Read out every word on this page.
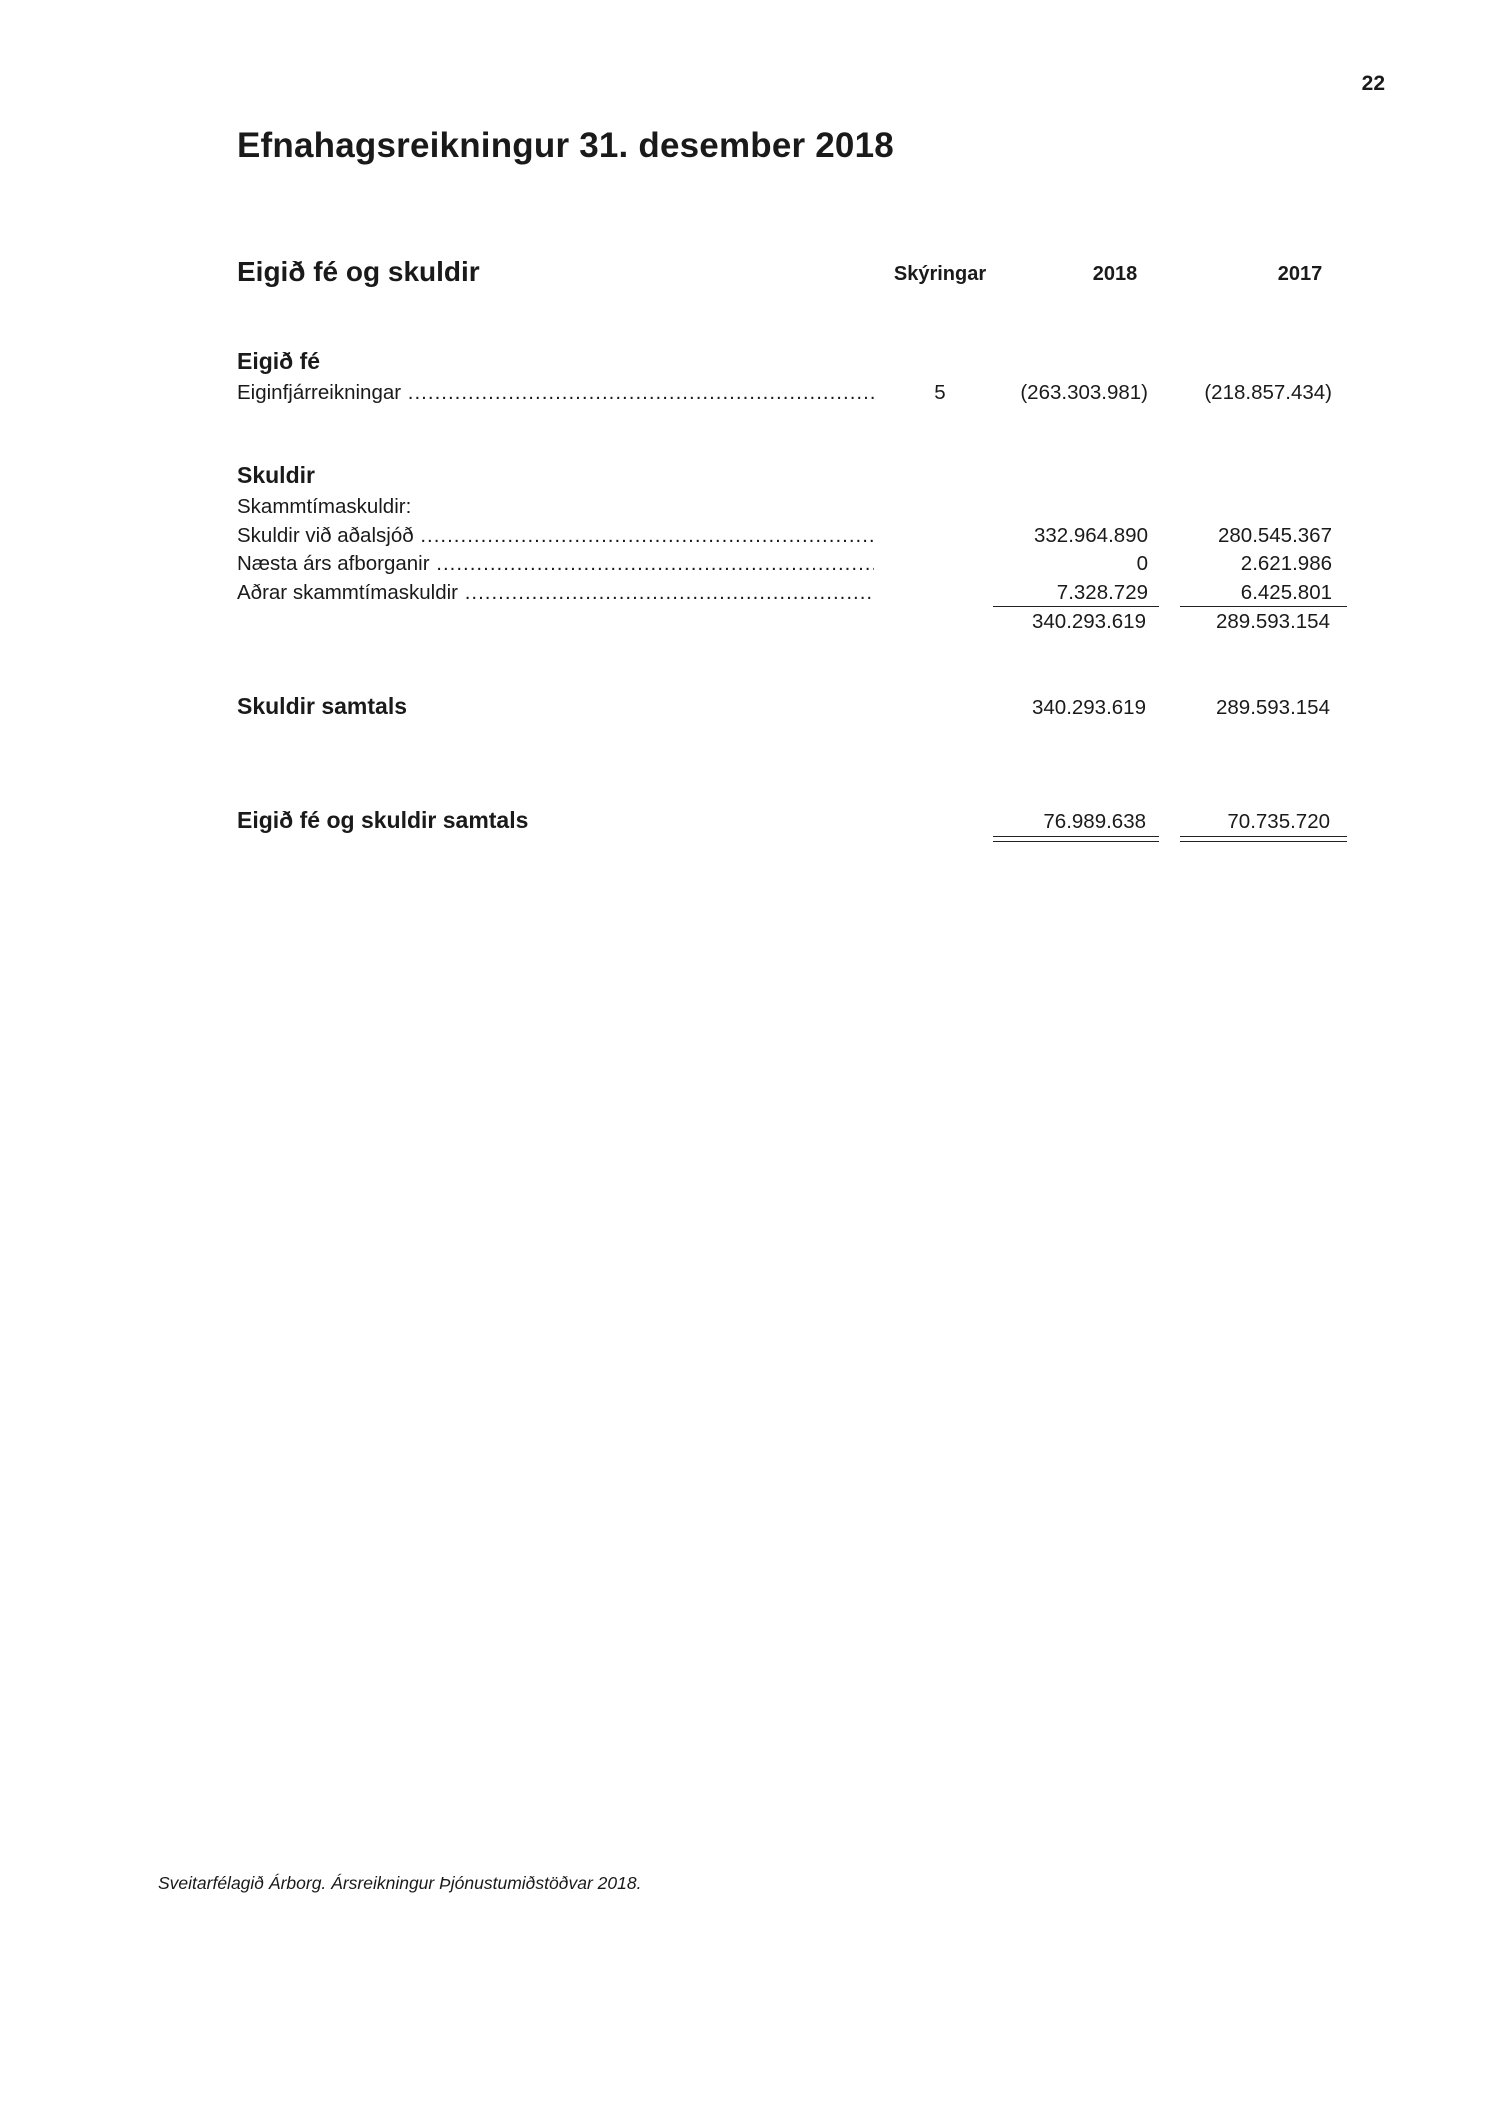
22
Efnahagsreikningur 31. desember 2018
Eigið fé og skuldir	Skýringar	2018	2017
Eigið fé
Eiginfjárreikningar .....	5	(263.303.981)	(218.857.434)
Skuldir
Skammtímaskuldir:
Skuldir við aðalsjóð .....	332.964.890	280.545.367
Næsta árs afborganir .....	0	2.621.986
Aðrar skammtímaskuldir .....	7.328.729	6.425.801
340.293.619	289.593.154
Skuldir samtals	340.293.619	289.593.154
Eigið fé og skuldir samtals	76.989.638	70.735.720
Sveitarfélagið Árborg. Ársreikningur Þjónustumiðstöðvar 2018.
